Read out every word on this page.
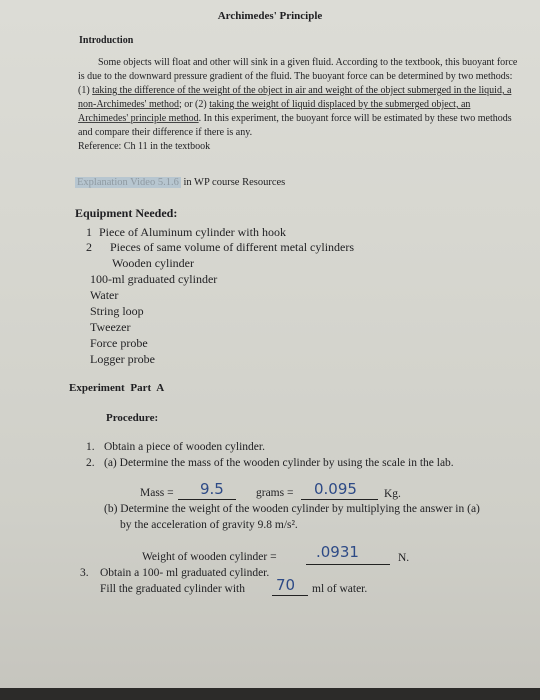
Archimedes' Principle
Introduction

Some objects will float and other will sink in a given fluid. According to the textbook, this buoyant force is due to the downward pressure gradient of the fluid. The buoyant force can be determined by two methods: (1) taking the difference of the weight of the object in air and weight of the object submerged in the liquid, a non-Archimedes' method; or (2) taking the weight of liquid displaced by the submerged object, an Archimedes' principle method. In this experiment, the buoyant force will be estimated by these two methods and compare their difference if there is any.

Reference: Ch 11 in the textbook

Explanation Video 5.1.6 in WP course Resources
Equipment Needed:
1 Piece of Aluminum cylinder with hook
2 Pieces of same volume of different metal cylinders
Wooden cylinder
100-ml graduated cylinder
Water
String loop
Tweezer
Force probe
Logger probe
Experiment Part A
Procedure:
1. Obtain a piece of wooden cylinder.
2. (a) Determine the mass of the wooden cylinder by using the scale in the lab.
Mass = 9.5	grams = 0.095 Kg.
(b) Determine the weight of the wooden cylinder by multiplying the answer in (a)
by the acceleration of gravity 9.8 m/s².
Weight of wooden cylinder =	.0931	N.
3. Obtain a 100- ml graduated cylinder.
Fill the graduated cylinder with 70 ml of water.
